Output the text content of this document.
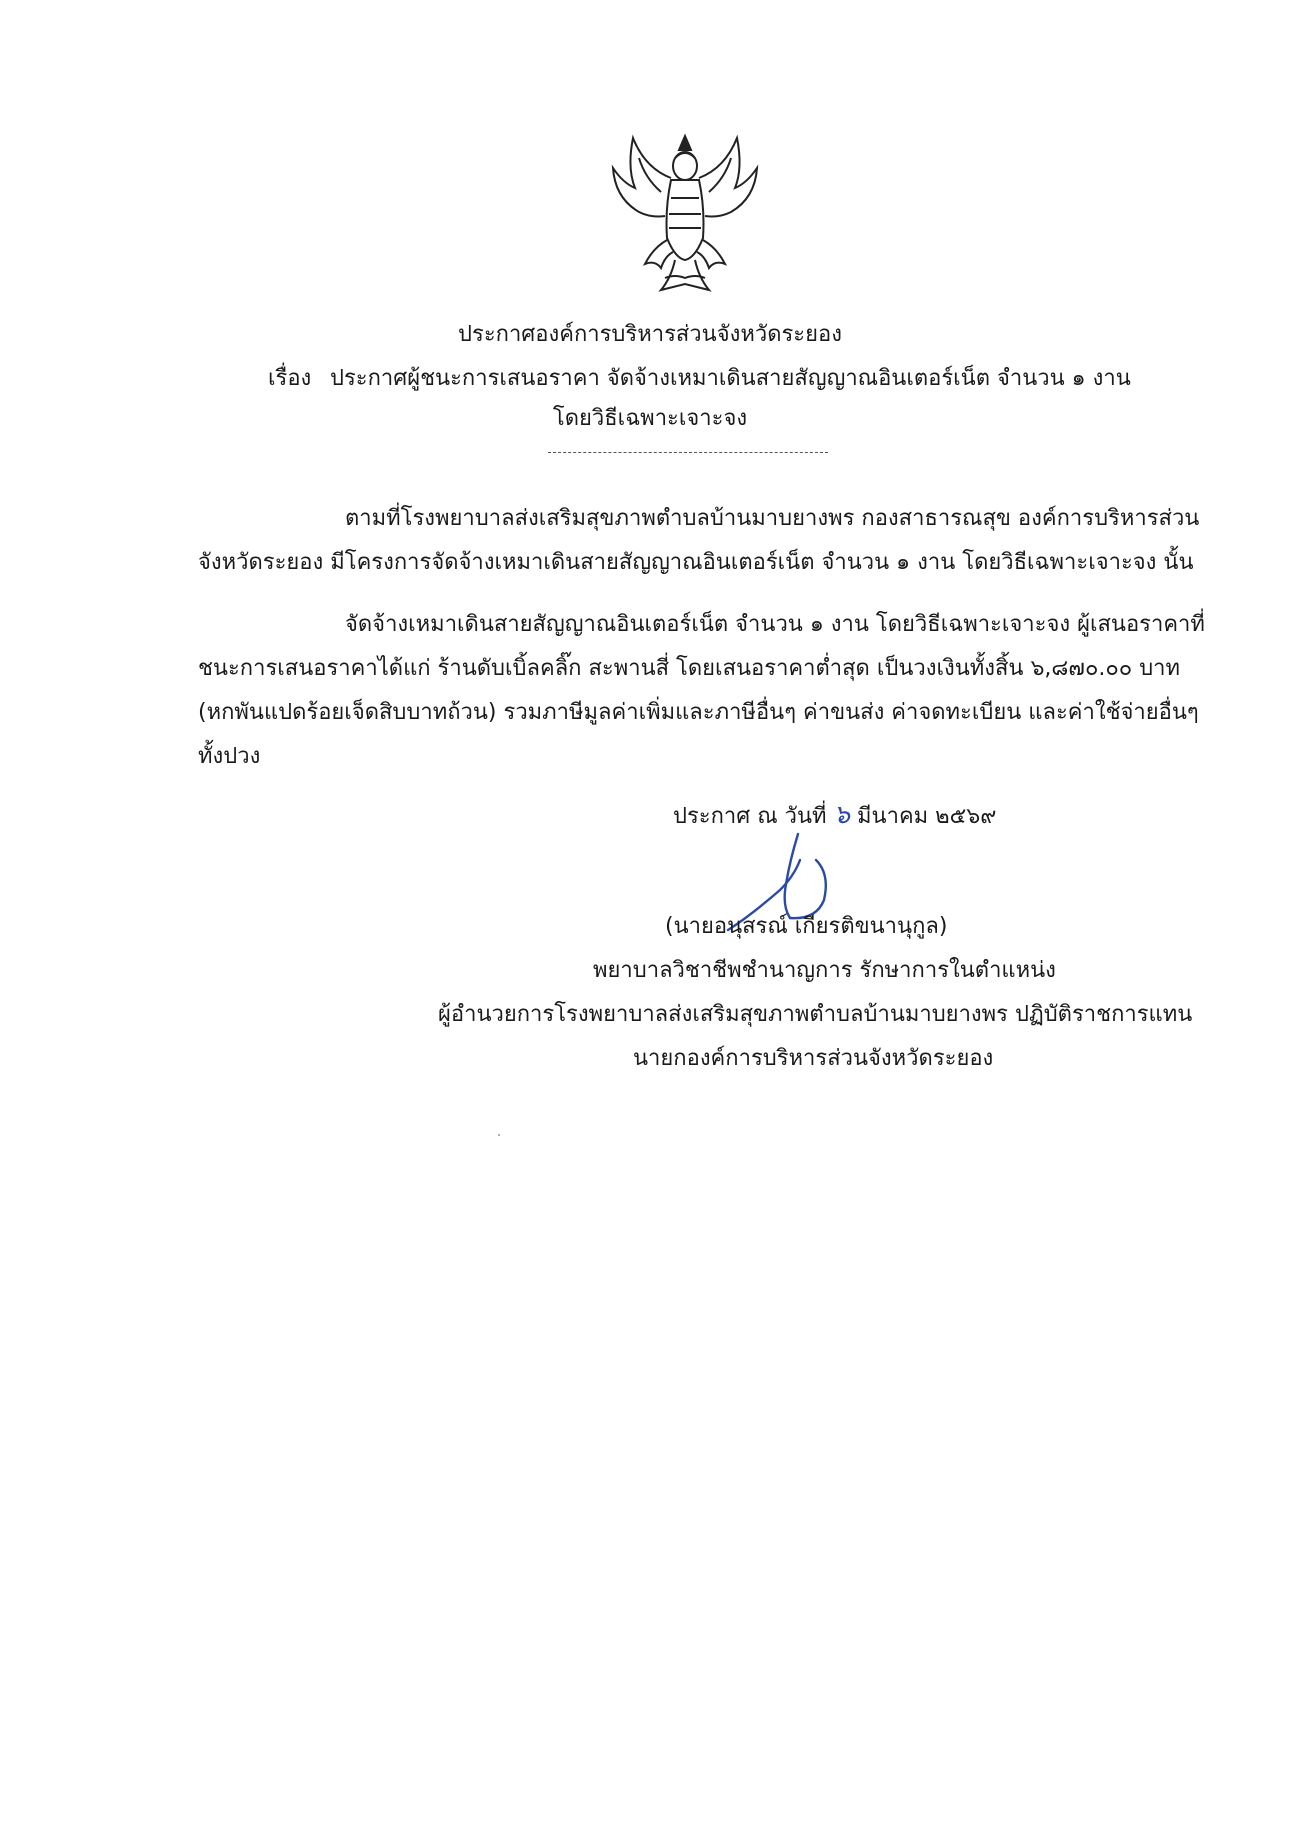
ประกาศองค์การบริหารส่วนจังหวัดระยอง
เรื่อง ประกาศผู้ชนะการเสนอราคา จัดจ้างเหมาเดินสายสัญญาณอินเตอร์เน็ต จำนวน ๑ งาน
โดยวิธีเฉพาะเจาะจง
ตามที่โรงพยาบาลส่งเสริมสุขภาพตำบลบ้านมาบยางพร กองสาธารณสุข องค์การบริหารส่วน
จังหวัดระยอง มีโครงการจัดจ้างเหมาเดินสายสัญญาณอินเตอร์เน็ต จำนวน ๑ งาน โดยวิธีเฉพาะเจาะจง นั้น
จัดจ้างเหมาเดินสายสัญญาณอินเตอร์เน็ต จำนวน ๑ งาน โดยวิธีเฉพาะเจาะจง ผู้เสนอราคาที่
ชนะการเสนอราคาได้แก่ ร้านดับเบิ้ลคลิ๊ก สะพานสี่ โดยเสนอราคาต่ำสุด เป็นวงเงินทั้งสิ้น ๖,๘๗๐.๐๐ บาท
(หกพันแปดร้อยเจ็ดสิบบาทถ้วน) รวมภาษีมูลค่าเพิ่มและภาษีอื่นๆ ค่าขนส่ง ค่าจดทะเบียน และค่าใช้จ่ายอื่นๆ
ทั้งปวง
ประกาศ ณ วันที่ ๖ มีนาคม ๒๕๖๙
(นายอนุสรณ์ เกียรติขนานุกูล)
พยาบาลวิชาชีพชำนาญการ รักษาการในตำแหน่ง
ผู้อำนวยการโรงพยาบาลส่งเสริมสุขภาพตำบลบ้านมาบยางพร ปฏิบัติราชการแทน
นายกองค์การบริหารส่วนจังหวัดระยอง
